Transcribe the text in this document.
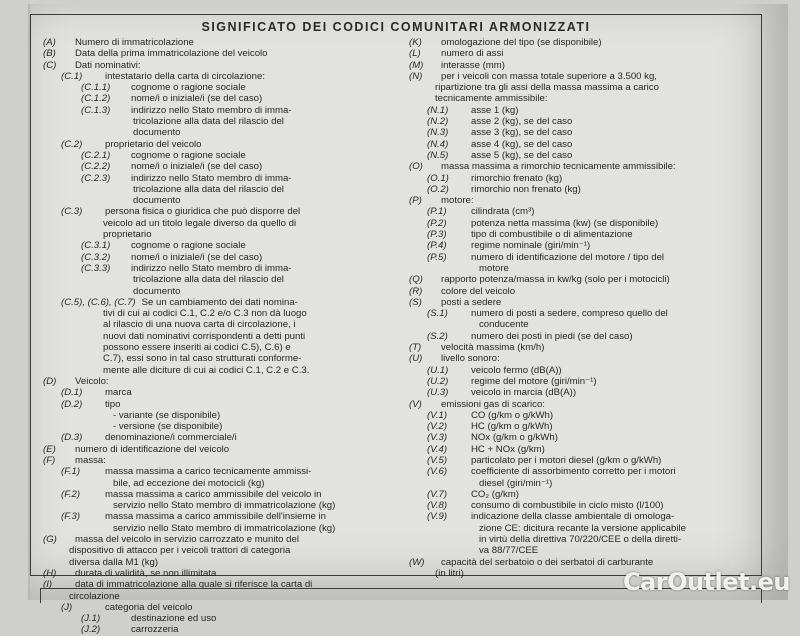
SIGNIFICATO DEI CODICI COMUNITARI ARMONIZZATI
(A)	Numero di immatricolazione
(B)	Data della prima immatricolazione del veicolo
(C)	Dati nominativi:
(C.1)	intestatario della carta di circolazione:
(C.1.1)	cognome o ragione sociale
(C.1.2)	nome/i o iniziale/i (se del caso)
(C.1.3)	indirizzo nello Stato membro di imma-
tricolazione alla data del rilascio del
documento
(C.2)	proprietario del veicolo
(C.2.1)	cognome o ragione sociale
(C.2.2)	nome/i o iniziale/i (se del caso)
(C.2.3)	indirizzo nello Stato membro di imma-
tricolazione alla data del rilascio del
documento
(C.3)	persona fisica o giuridica che può disporre del
veicolo ad un titolo legale diverso da quello di
proprietario
(C.3.1)	cognome o ragione sociale
(C.3.2)	nome/i o iniziale/i (se del caso)
(C.3.3)	indirizzo nello Stato membro di imma-
tricolazione alla data del rilascio del
documento
(C.5), (C.6), (C.7) Se un cambiamento dei dati nomina-
tivi di cui ai codici C.1, C.2 e/o C.3 non dà luogo
al rilascio di una nuova carta di circolazione, i
nuovi dati nominativi corrispondenti a detti punti
possono essere inseriti ai codici C.5), C.6) e
C.7), essi sono in tal caso strutturati conforme-
mente alle diciture di cui ai codici C.1, C.2 e C.3.
(D)	Veicolo:
(D.1)	marca
(D.2)	tipo
- variante (se disponibile)
- versione (se disponibile)
(D.3)	denominazione/i commerciale/i
(E)	numero di identificazione del veicolo
(F)	massa:
(F.1)	massa massima a carico tecnicamente ammissi-
bile, ad eccezione dei motocicli (kg)
(F.2)	massa massima a carico ammissibile del veicolo in
servizio nello Stato membro di immatricolazione (kg)
(F.3)	massa massima a carico ammissibile dell'insieme in
servizio nello Stato membro di immatricolazione (kg)
(G)	massa del veicolo in servizio carrozzato e munito del
dispositivo di attacco per i veicoli trattori di categoria
diversa dalla M1 (kg)
(H)	durata di validità, se non illimitata
(I)	data di immatricolazione alla quale si riferisce la carta di
circolazione
(J)	categoria del veicolo
(J.1)	destinazione ed uso
(J.2)	carrozzeria
(K)	omologazione del tipo (se disponibile)
(L)	numero di assi
(M)	interasse (mm)
(N)	per i veicoli con massa totale superiore a 3.500 kg,
ripartizione tra gli assi della massa massima a carico
tecnicamente ammissibile:
(N.1)	asse 1 (kg)
(N.2)	asse 2 (kg), se del caso
(N.3)	asse 3 (kg), se del caso
(N.4)	asse 4 (kg), se del caso
(N.5)	asse 5 (kg), se del caso
(O)	massa massima a rimorchio tecnicamente ammissibile:
(O.1)	rimorchio frenato (kg)
(O.2)	rimorchio non frenato (kg)
(P)	motore:
(P.1)	cilindrata (cm³)
(P.2)	potenza netta massima (kw) (se disponibile)
(P.3)	tipo di combustibile o di alimentazione
(P.4)	regime nominale (giri/min⁻¹)
(P.5)	numero di identificazione del motore / tipo del
motore
(Q)	rapporto potenza/massa in kw/kg (solo per i motocicli)
(R)	colore del veicolo
(S)	posti a sedere
(S.1)	numero di posti a sedere, compreso quello del
conducente
(S.2)	numero dei posti in piedi (se del caso)
(T)	velocità massima (km/h)
(U)	livello sonoro:
(U.1)	veicolo fermo (dB(A))
(U.2)	regime del motore (giri/min⁻¹)
(U.3)	veicolo in marcia (dB(A))
(V)	emissioni gas di scarico:
(V.1)	CO (g/km o g/kWh)
(V.2)	HC (g/km o g/kWh)
(V.3)	NOx (g/km o g/kWh)
(V.4)	HC + NOx (g/km)
(V.5)	particolato per i motori diesel (g/km o g/kWh)
(V.6)	coefficiente di assorbimento corretto per i motori
diesel (giri/min⁻¹)
(V.7)	CO₂ (g/km)
(V.8)	consumo di combustibile in ciclo misto (l/100)
(V.9)	indicazione della classe ambientale di omologa-
zione CE: dicitura recante la versione applicabile
in virtù della direttiva 70/220/CEE o della diretti-
va 88/77/CEE
(W)	capacità del serbatoio o dei serbatoi di carburante
(in litri)	CarOutlet.eu
